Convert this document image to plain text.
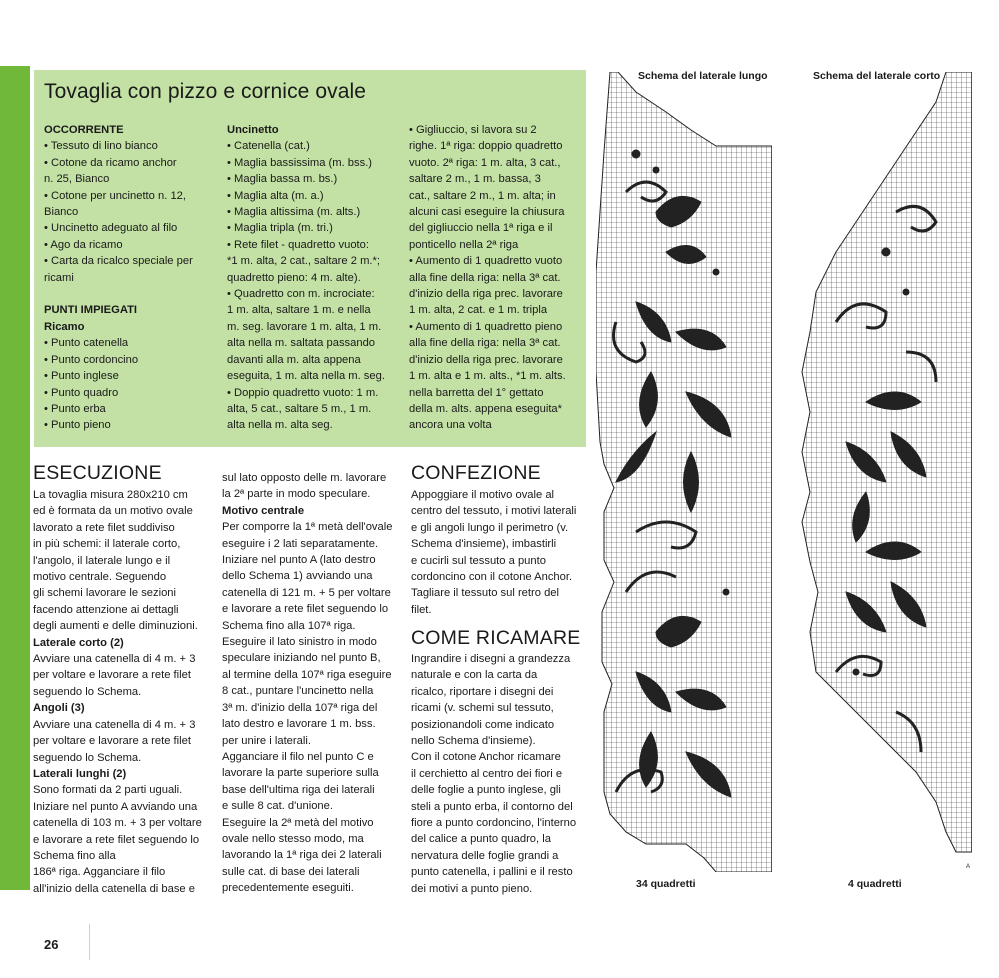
Tovaglia con pizzo e cornice ovale

OCCORRENTE

• Tessuto di lino bianco

• Cotone da ricamo anchor

n. 25, Bianco

• Cotone per uncinetto n. 12,

Bianco

• Uncinetto adeguato al filo

• Ago da ricamo

• Carta da ricalco speciale per

ricami

PUNTI IMPIEGATI

Ricamo

• Punto catenella

• Punto cordoncino

• Punto inglese

• Punto quadro

• Punto erba

• Punto pieno

Uncinetto

• Catenella (cat.)

• Maglia bassissima (m. bss.)

• Maglia bassa m. bs.)

• Maglia alta (m. a.)

• Maglia altissima (m. alts.)

• Maglia tripla (m. tri.)

• Rete filet - quadretto vuoto:

*1 m. alta, 2 cat., saltare 2 m.*;

quadretto pieno: 4 m. alte).

• Quadretto con m. incrociate:

1 m. alta, saltare 1 m. e nella

m. seg. lavorare 1 m. alta, 1 m.

alta nella m. saltata passando

davanti alla m. alta appena

eseguita, 1 m. alta nella m. seg.

• Doppio quadretto vuoto: 1 m.

alta, 5 cat., saltare 5 m., 1 m.

alta nella m. alta seg.

• Gigliuccio, si lavora su 2

righe. 1ª riga: doppio quadretto

vuoto. 2ª riga: 1 m. alta, 3 cat.,

saltare 2 m., 1 m. bassa, 3

cat., saltare 2 m., 1 m. alta; in

alcuni casi eseguire la chiusura

del gigliuccio nella 1ª riga e il

ponticello nella 2ª riga

• Aumento di 1 quadretto vuoto

alla fine della riga: nella 3ª cat.

d'inizio della riga prec. lavorare

1 m. alta, 2 cat. e 1 m. tripla

• Aumento di 1 quadretto pieno

alla fine della riga: nella 3ª cat.

d'inizio della riga prec. lavorare

1 m. alta e 1 m. alts., *1 m. alts.

nella barretta del 1° gettato

della m. alts. appena eseguita*

ancora una volta

ESECUZIONE

La tovaglia misura 280x210 cm

ed è formata da un motivo ovale

lavorato a rete filet suddiviso

in più schemi: il laterale corto,

l'angolo, il laterale lungo e il

motivo centrale. Seguendo

gli schemi lavorare le sezioni

facendo attenzione ai dettagli

degli aumenti e delle diminuzioni.

Laterale corto (2)

Avviare una catenella di 4 m. + 3

per voltare e lavorare a rete filet

seguendo lo Schema.

Angoli (3)

Avviare una catenella di 4 m. + 3

per voltare e lavorare a rete filet

seguendo lo Schema.

Laterali lunghi (2)

Sono formati da 2 parti uguali.

Iniziare nel punto A avviando una

catenella di 103 m. + 3 per voltare

e lavorare a rete filet seguendo lo

Schema fino alla

186ª riga. Agganciare il filo

all'inizio della catenella di base e

sul lato opposto delle m. lavorare

la 2ª parte in modo speculare.

Motivo centrale

Per comporre la 1ª metà dell'ovale

eseguire i 2 lati separatamente.

Iniziare nel punto A (lato destro

dello Schema 1) avviando una

catenella di 121 m. + 5 per voltare

e lavorare a rete filet seguendo lo

Schema fino alla 107ª riga.

Eseguire il lato sinistro in modo

speculare iniziando nel punto B,

al termine della 107ª riga eseguire

8 cat., puntare l'uncinetto nella

3ª m. d'inizio della 107ª riga del

lato destro e lavorare 1 m. bss.

per unire i laterali.

Agganciare il filo nel punto C e

lavorare la parte superiore sulla

base dell'ultima riga dei laterali

e sulle 8 cat. d'unione.

Eseguire la 2ª metà del motivo

ovale nello stesso modo, ma

lavorando la 1ª riga dei 2 laterali

sulle cat. di base dei laterali

precedentemente eseguiti.

CONFEZIONE

Appoggiare il motivo ovale al

centro del tessuto, i motivi laterali

e gli angoli lungo il perimetro (v.

Schema d'insieme), imbastirli

e cucirli sul tessuto a punto

cordoncino con il cotone Anchor.

Tagliare il tessuto sul retro del

filet.

COME RICAMARE

Ingrandire i disegni a grandezza

naturale e con la carta da

ricalco, riportare i disegni dei

ricami (v. schemi sul tessuto,

posizionandoli come indicato

nello Schema d'insieme).

Con il cotone Anchor ricamare

il cerchietto al centro dei fiori e

delle foglie a punto inglese, gli

steli a punto erba, il contorno del

fiore a punto cordoncino, l'interno

del calice a punto quadro, la

nervatura delle foglie grandi a

punto catenella, i pallini e il resto

dei motivi a punto pieno.

26
Schema del laterale lungo	Schema del laterale corto
A
34 quadretti	4 quadretti
